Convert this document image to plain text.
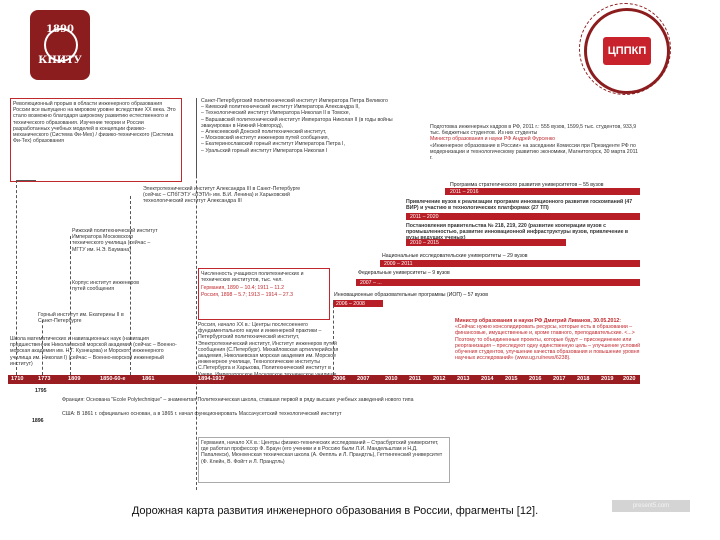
1890
КНИТУ
ЦППКП
Революционный прорыв в области инженерного образования России все выпущено на мировом уровне вследствие XX века. Это стало возможно благодаря широкому развитию естественного и технического образования. Изучение теории и России разработанных учебных моделей в концепции физико-механического (Система Фи-Мех) / физико-технического (Система Фи-Тех) образования
Санкт-Петербургский политехнический институт Императора Петра Великого
– Киевский политехнический институт Императора Александра II,
– Технологический институт Императора Николая II в Томске,
– Варшавский политехнический институт Императора Николая II (в годы войны эвакуирован в Нижний Новгород),
– Алексеевский Донской политехнический институт,
– Московский институт инженеров путей сообщения,
– Екатеринославский горный институт Императора Петра I,
– Уральский горный институт Императора Николая I
Электротехнический институт Александра III в Санкт-Петербурге (сейчас – СПбГЭТУ «ЛЭТИ» им. В.И. Ленина) и Харьковский технологический институт Александра III
Рижский политехнический институт Императора Московского технического училища (сейчас – МГТУ им. Н.Э. Баумана)
Корпус институт инженеров путей сообщения
Горный институт им. Екатерины II в Санкт-Петербурге
Школа математических и навигационных наук (навигация предшественник Николаевской морской академии (сейчас – Военно-морская академия им. Н.Г. Кузнецова) и Морского инженерного училища им. Николая I) (сейчас – Военно-морской инженерный институт)
Численность учащихся политехнических и технических институтов, тыс. чел.
Германия, 1890 – 10.4; 1911 – 11.2
Россия, 1898 – 5.7; 1913 – 1914 – 27.3
Россия, начало XX в.: Центры послесоеннего фундаментального науки и инженерной практики – Петербургский политехнический институт, Электротехнический институт, Институт инженеров путей сообщения (С.Петербург). Михайловская артиллерийская академия, Николаевская морская академия им. Морское инженерное училище, Технологические институты С.Петербурга и Харькова, Политехнический институт в
Подготовка инженерных кадров в РФ, 2011 г.: 555 вузов, 1599,5 тыс. студентов, 933,9 тыс. бюджетных студентов. Из них студенты
Министр образования и науки РФ Андрей Фурсенко
«Инженерное образование в России» на заседании Комиссии при Президенте РФ по модернизации и технологическому развитию экономики, Магнитогорск, 30 марта 2011 г.
Программа стратегического развития университетов – 55 вузов
2011 – 2016
Привлечение вузов к реализации программ инновационного развития госкомпаний (47 ВИР) и участию в технологических платформах (27 ТП)
2011 – 2020
Постановления правительства № 218, 219, 220 (развитие кооперации вузов с промышленностью, развитие инновационной инфраструктуры вузов, привлечение в
2010 – 2015
Национальные исследовательские университеты – 29 вузов
2009 – 2011
Федеральные университеты – 9 вузов
2007 – ...
Инновационные образовательные программы (ИОП) – 57 вузов
2006 – 2008
Министр образования и науки РФ Дмитрий Ливанов, 30.05.2012:
«Сейчас нужно консолидировать ресурсы, которые есть в образовании – финансовые, имущественные и, кроме главного, преподавательские. <...> Поэтому то объединенные проекты, которые будут – присоединение или реорганизация – преследуют одну единственную цель – улучшение условий обучения студентов, улучшение качества образования и повышение уровня научных исследований» (www.ug.ru/news/6238).
1710	1773	1809	1850-60-e	1861	1894-1917	2006 2007	2010 2011 2012 2013 2014 2015 2016 2017 2018 2019 2020
1795
1896
Франция: Основана "Ecole Polytechnique" – знаменитая Политехническая школа, ставшая первой в ряду высших учебных заведений нового типа
США: В 1861 г. официально основан, а в 1865 г. начал функционировать Массачусетский технологический институт
Германия, начало XX в.: Центры физико-технических исследований – Страсбургский университет, где работал профессор Ф. Браун (его ученики и в Россию были Л.И. Мандельштам и Н.Д. Папалекси), Мюнхенская техническая школа (А. Феппль и Л. Прандтль), Геттингенский университет (Ф. Клейн, В. Фойгт и Л. Прандтль)
Дорожная карта развития инженерного образования в России, фрагменты [12].	present5.com
